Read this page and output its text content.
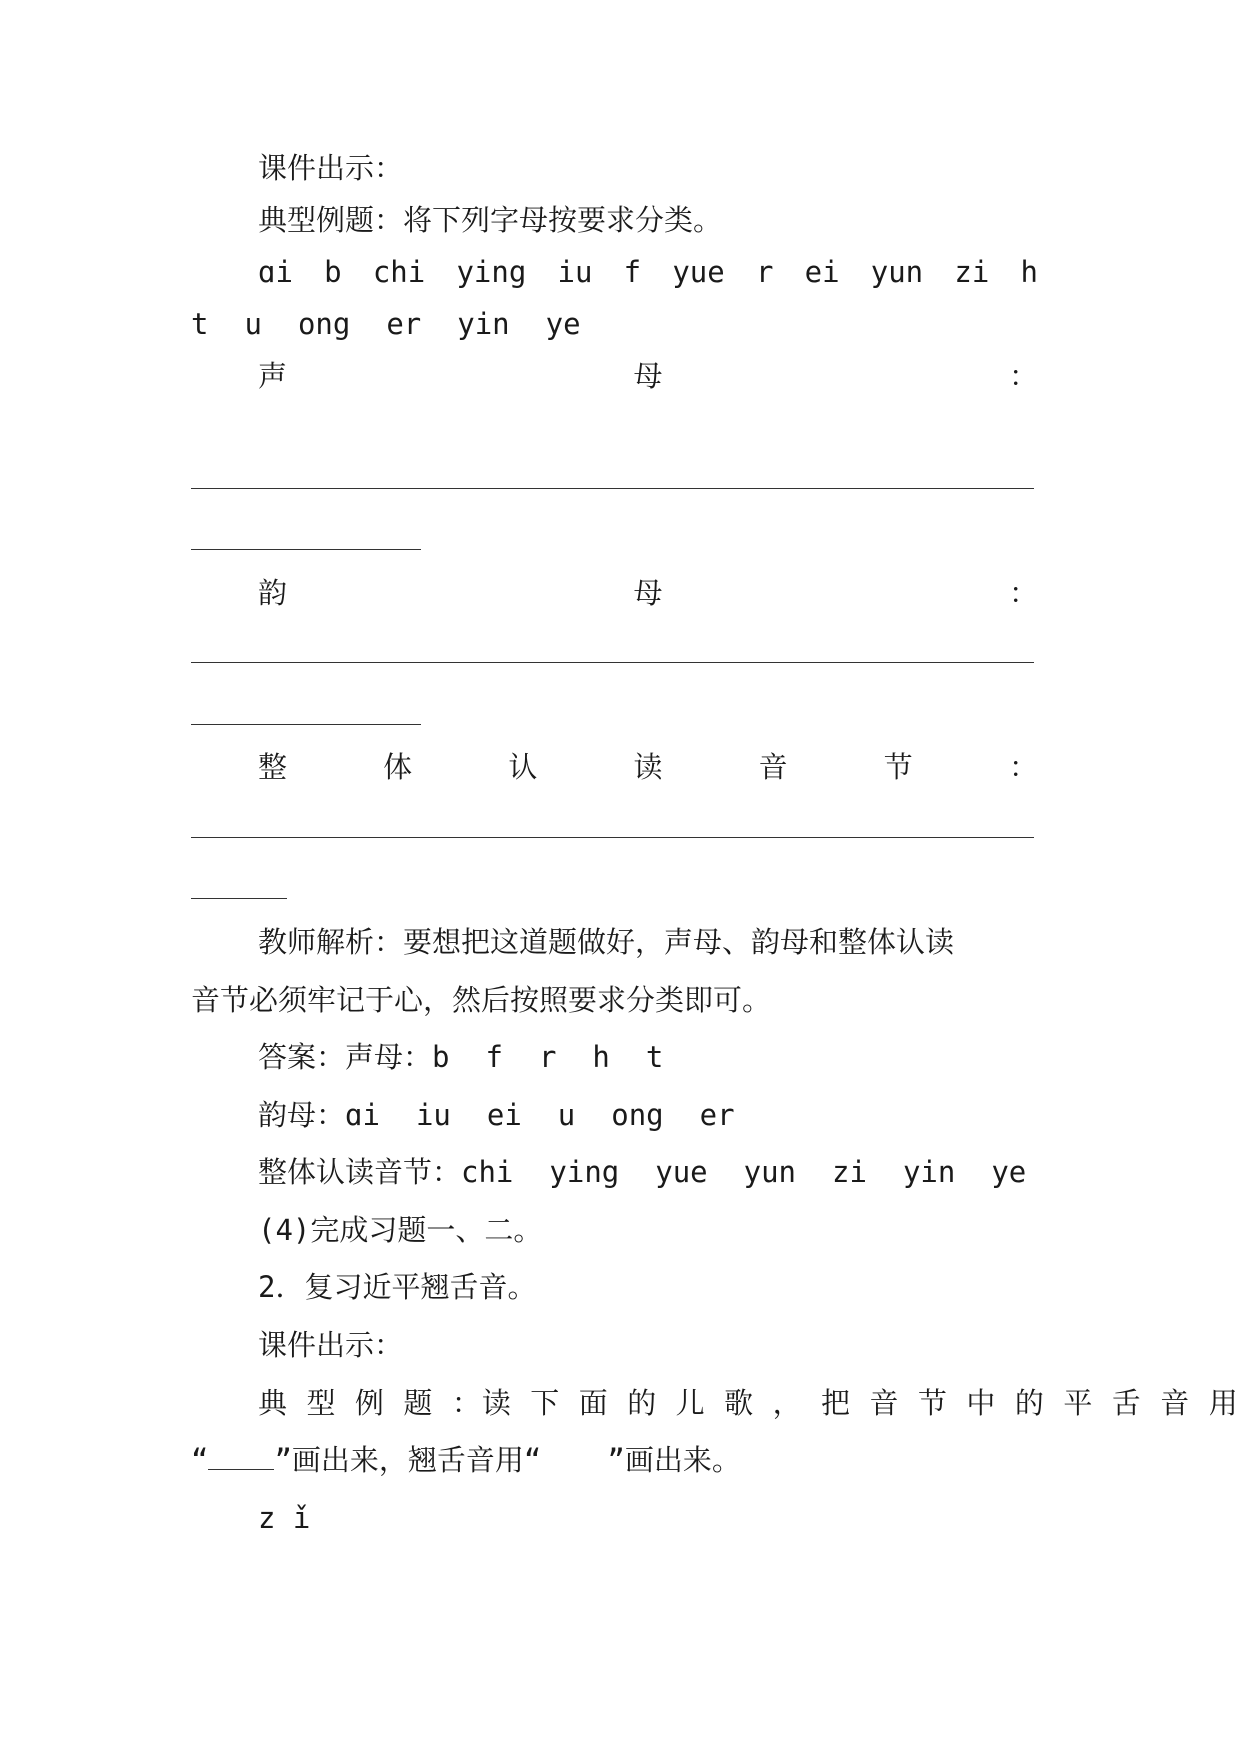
课件出示：
典型例题：将下列字母按要求分类。
ɑi b chi ying iu f yue r ei yun zi h
t u ong er yin ye
声	母	：
韵	母	：
整	体	认	读	音	节	：
教师解析：要想把这道题做好，声母、韵母和整体认读
音节必须牢记于心，然后按照要求分类即可。
答案：声母：b f r h t
韵母：ɑi iu ei u ong er
整体认读音节：chi ying yue yun zi yin ye
(4)完成习题一、二。
2．复习近平翘舌音。
课件出示：
典 型 例 题 ：读 下 面 的 儿 歌 ， 把 音 节 中 的 平 舌 音 用
“ ”画出来，翘舌音用“ ”画出来。
z ǐ
